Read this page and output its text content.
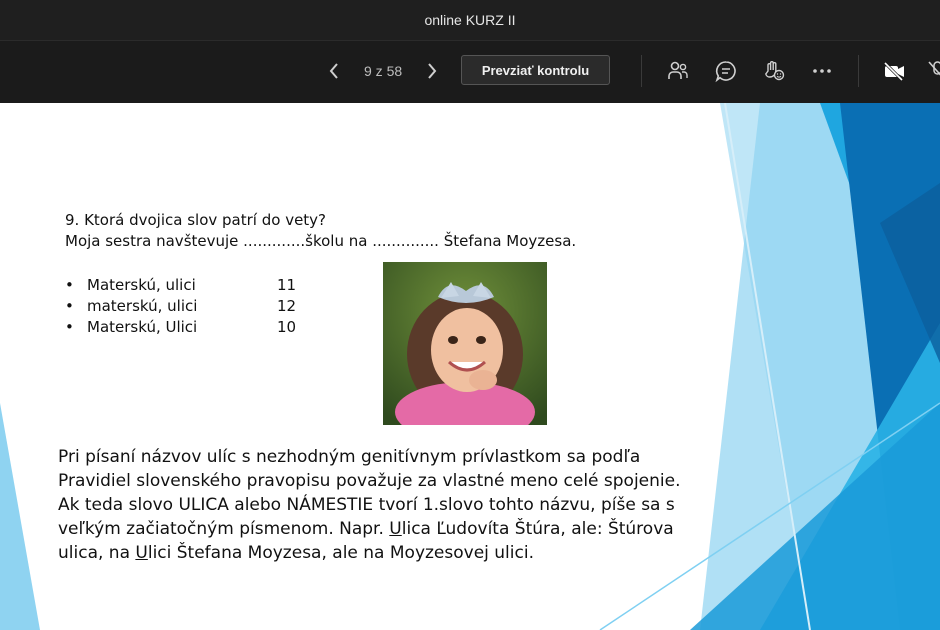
online KURZ II
9 z 58	Prevziať kontrolu
9. Ktorá dvojica slov patrí do vety?
Moja sestra navštevuje .............školu na .............. Štefana Moyzesa.
• Materskú, ulici	11
• materskú, ulici	12
• Materskú, Ulici	10
Pri písaní názvov ulíc s nezhodným genitívnym prívlastkom sa podľa
Pravidiel slovenského pravopisu považuje za vlastné meno celé spojenie.
Ak teda slovo ULICA alebo NÁMESTIE tvorí 1.slovo tohto názvu, píše sa s
veľkým začiatočným písmenom. Napr. Ulica Ľudovíta Štúra, ale: Štúrova
ulica, na Ulici Štefana Moyzesa, ale na Moyzesovej ulici.
